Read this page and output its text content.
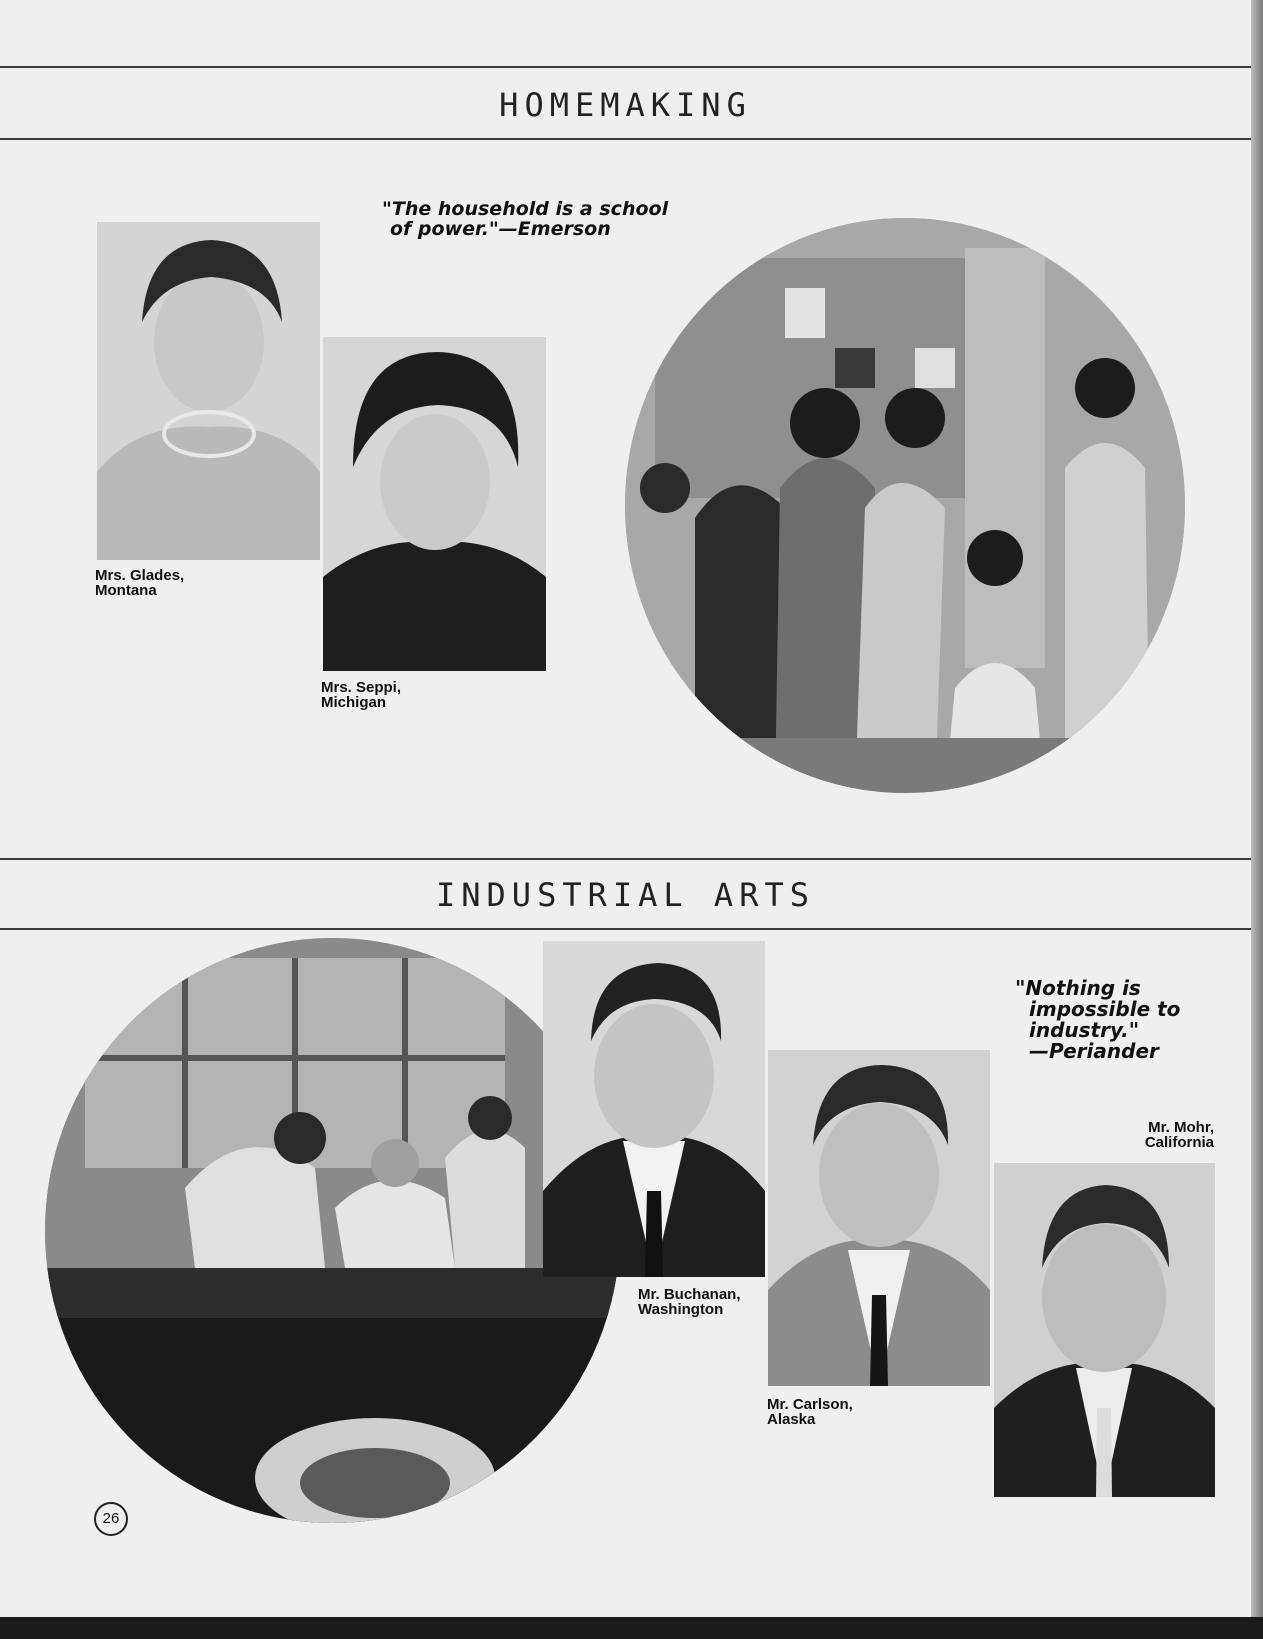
HOMEMAKING
INDUSTRIAL ARTS
"The household is a school
of power."—Emerson
Mrs. Glades,
Montana
Mrs. Seppi,
Michigan
Mr. Buchanan,
Washington
Mr. Carlson,
Alaska
"Nothing is
impossible to
industry."
—Periander
Mr. Mohr,
California
26
